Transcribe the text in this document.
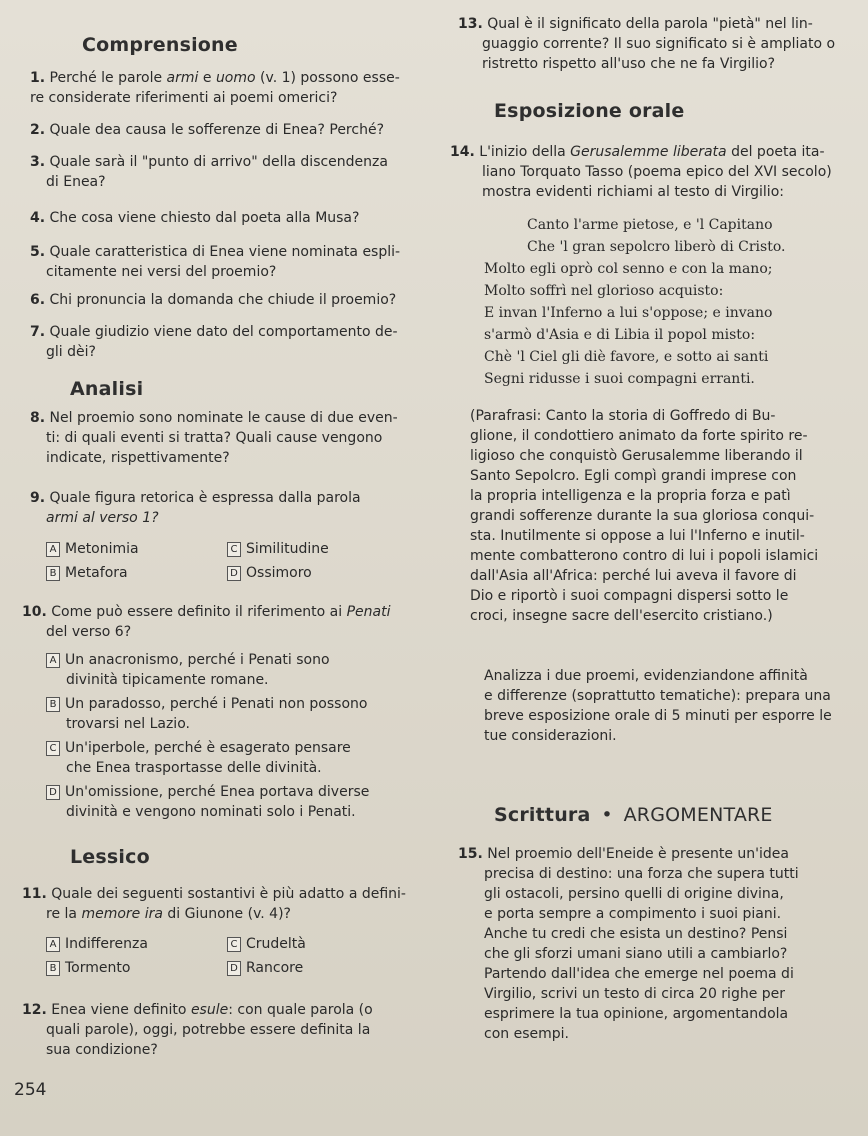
Comprensione
1. Perché le parole armi e uomo (v. 1) possono esse-
re considerate riferimenti ai poemi omerici?
2. Quale dea causa le sofferenze di Enea? Perché?
3. Quale sarà il "punto di arrivo" della discendenza
di Enea?
4. Che cosa viene chiesto dal poeta alla Musa?
5. Quale caratteristica di Enea viene nominata espli-
citamente nei versi del proemio?
6. Chi pronuncia la domanda che chiude il proemio?
7. Quale giudizio viene dato del comportamento de-
gli dèi?
Analisi
8. Nel proemio sono nominate le cause di due even-
ti: di quali eventi si tratta? Quali cause vengono
indicate, rispettivamente?
9. Quale figura retorica è espressa dalla parola
armi al verso 1?
A Metonimia	C Similitudine
B Metafora	D Ossimoro
10. Come può essere definito il riferimento ai Penati
del verso 6?
A Un anacronismo, perché i Penati sono
divinità tipicamente romane.
B Un paradosso, perché i Penati non possono
trovarsi nel Lazio.
C Un'iperbole, perché è esagerato pensare
che Enea trasportasse delle divinità.
D Un'omissione, perché Enea portava diverse
divinità e vengono nominati solo i Penati.
Lessico
11. Quale dei seguenti sostantivi è più adatto a defini-
re la memore ira di Giunone (v. 4)?
A Indifferenza	C Crudeltà
B Tormento	D Rancore
12. Enea viene definito esule: con quale parola (o
quali parole), oggi, potrebbe essere definita la
sua condizione?
254
13. Qual è il significato della parola "pietà" nel lin-
guaggio corrente? Il suo significato si è ampliato o
ristretto rispetto all'uso che ne fa Virgilio?
Esposizione orale
14. L'inizio della Gerusalemme liberata del poeta ita-
liano Torquato Tasso (poema epico del XVI secolo)
mostra evidenti richiami al testo di Virgilio:
Canto l'arme pietose, e 'l Capitano
Che 'l gran sepolcro liberò di Cristo.
Molto egli oprò col senno e con la mano;
Molto soffrì nel glorioso acquisto:
E invan l'Inferno a lui s'oppose; e invano
s'armò d'Asia e di Libia il popol misto:
Chè 'l Ciel gli diè favore, e sotto ai santi
Segni ridusse i suoi compagni erranti.
(Parafrasi: Canto la storia di Goffredo di Bu-
glione, il condottiero animato da forte spirito re-
ligioso che conquistò Gerusalemme liberando il
Santo Sepolcro. Egli compì grandi imprese con
la propria intelligenza e la propria forza e patì
grandi sofferenze durante la sua gloriosa conqui-
sta. Inutilmente si oppose a lui l'Inferno e inutil-
mente combatterono contro di lui i popoli islamici
dall'Asia all'Africa: perché lui aveva il favore di
Dio e riportò i suoi compagni dispersi sotto le
croci, insegne sacre dell'esercito cristiano.)
Analizza i due proemi, evidenziandone affinità
e differenze (soprattutto tematiche): prepara una
breve esposizione orale di 5 minuti per esporre le
tue considerazioni.
Scrittura • ARGOMENTARE
15. Nel proemio dell'Eneide è presente un'idea
precisa di destino: una forza che supera tutti
gli ostacoli, persino quelli di origine divina,
e porta sempre a compimento i suoi piani.
Anche tu credi che esista un destino? Pensi
che gli sforzi umani siano utili a cambiarlo?
Partendo dall'idea che emerge nel poema di
Virgilio, scrivi un testo di circa 20 righe per
esprimere la tua opinione, argomentandola
con esempi.
